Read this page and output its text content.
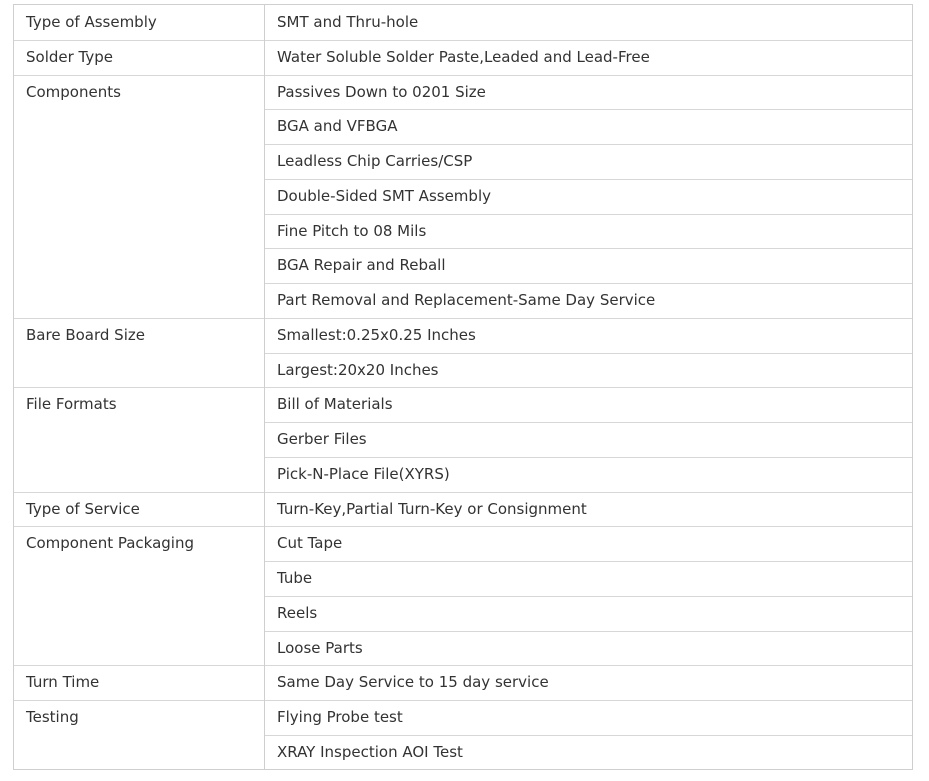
Type of Assembly	SMT and Thru-hole
Solder Type	Water Soluble Solder Paste,Leaded and Lead-Free
Components	Passives Down to 0201 Size
BGA and VFBGA
Leadless Chip Carries/CSP
Double-Sided SMT Assembly
Fine Pitch to 08 Mils
BGA Repair and Reball
Part Removal and Replacement-Same Day Service
Bare Board Size	Smallest:0.25x0.25 Inches
Largest:20x20 Inches
File Formats	Bill of Materials
Gerber Files
Pick-N-Place File(XYRS)
Type of Service	Turn-Key,Partial Turn-Key or Consignment
Component Packaging	Cut Tape
Tube
Reels
Loose Parts
Turn Time	Same Day Service to 15 day service
Testing	Flying Probe test
XRAY Inspection AOI Test
